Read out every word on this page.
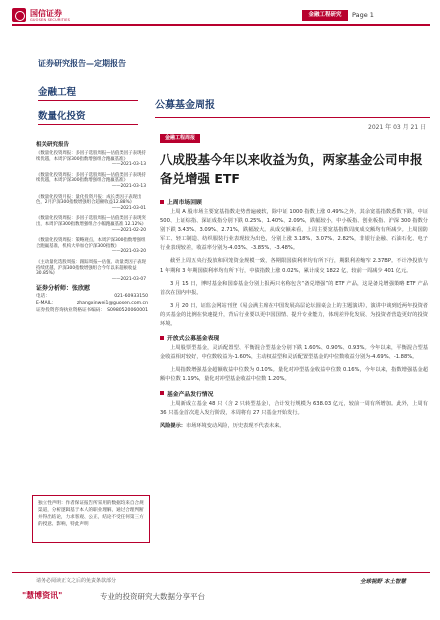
国信证券
GUOSEN SECURITIES
金融工程研究	Page 1
证券研究报告—定期报告
金融工程
数量化投资
公募基金周报
2021 年 03 月 21 日
金融工程周报
八成股基今年以来收益为负，两家基金公司申报备兑增强 ETF
相关研究报告
《数量化投资周报：多因子选股周报—估值类因子表现持续优越，本周沪深300指数增强组合跑赢基准》
——2021-03-13
《数量化投资周报：多因子选股周报—估值类因子表现持续优越，本周沪深300指数增强组合跑赢基准》
——2021-03-13
《数量化投资月报：量化投资月报：成长类因子表现出色，2月沪深300指数增强组合超额收益12.88%》
——2021-03-01
《数量化投资周报：多因子选股周报—估值类因子表现突出，本周沪深300指数增强组合小幅跑赢基准 12.12%》
——2021-02-20
《数量化投资周报：策略观点，本周沪深300指数增强组合跑赢基准，机构大举加仓沪深300指数》
——2021-03-20
《主动量化选股周报：跟踪周报—估值、动量类因子表现持续优越，沪深300指数增强组合今年以来超额收益 30.85%》
——2021-03-07
证券分析师：张欣慰
电话：	021-60933150
E-MAIL：	zhangxinwei1@guosen.com.cn
证券投资咨询执业资格证书编码： S0980520060001
独立性声明：作者保证报告所采用的数据均来自合规渠道，分析逻辑基于本人的职业理解，通过合理判断并得出结论，力求客观、公正，结论不受任何第三方的授意、影响，特此声明
上周市场回顾

上周 A 股市场主要宽基指数走势普遍疲软，除中证 1000 指数上涨 0.49%之外，其余宽基指数悉数下跌，中证 500、上证综指、深证成指分别下跌 0.25%、1.40%、2.09%，跌幅较小，中小板指、创业板指、沪深 300 指数分别下跌 3.43%、3.09%、2.71%，跌幅较大。从成交额来看，上周主要宽基指数周度成交额均有所减少。上周国防军工、轻工制造、纺织服装行业表现较为出色，分别上涨 3.18%、3.07%、2.82%，非银行金融、石油石化、电子行业表现较差，收益率分别为-4.03%、-3.85%、-3.48%。

截至上周五央行投放和回笼资金规模一致，各期限国债利率均有所下行，期限利差缩窄 2.37BP。不计净投放与 1 年期和 3 年期国债利率均有所下行，中债指数上涨 0.02%，累计成交 1822 亿，较前一周减少 401 亿元。

3 月 15 日，博时基金和国泰基金分别上报两只名称包含“备兑增强”的 ETF 产品，这是备兑增强策略 ETF 产品首次在国内申报。

3 月 20 日，证监会网站刊登《易会满主席在中国发展高层论坛圆桌会上的主题演讲》，演讲中谈到近两年投资者的买基金的比例在快速提升，背后行业要以更中国国情、提升专业能力，体现差异化发展、为投资者营造更好的投资环境。

开放式公募基金表现

上周股票型基金，灵活配置型、平衡混合型基金分别下跌 1.60%、0.90%、0.93%。今年以来，平衡混合型基金收益相对较好，中位数收益为-1.60%，主动权益型和灵活配置型基金的中位数收益分别为-4.69%、-1.88%。

上周指数增强基金超额收益中位数为 0.10%。量化对冲型基金收益中位数 0.16%，今年以来，指数增强基金超额中位数 1.19%，量化对冲型基金收益中位数 1.20%。

基金产品发行情况

上周新成立基金 48 只（含 2 只转型基金），合计发行规模为 638.03 亿元，较前一周有所增加。此外，上周有 36 只基金首次进入发行阶段，本周将有 27 只基金开始发行。

风险提示：市场环境变动风险，历史表现不代表未来。

请务必阅读正文之后的免责条款部分	全球视野 本土智慧
"慧博资讯"	专业的投资研究大数据分享平台
